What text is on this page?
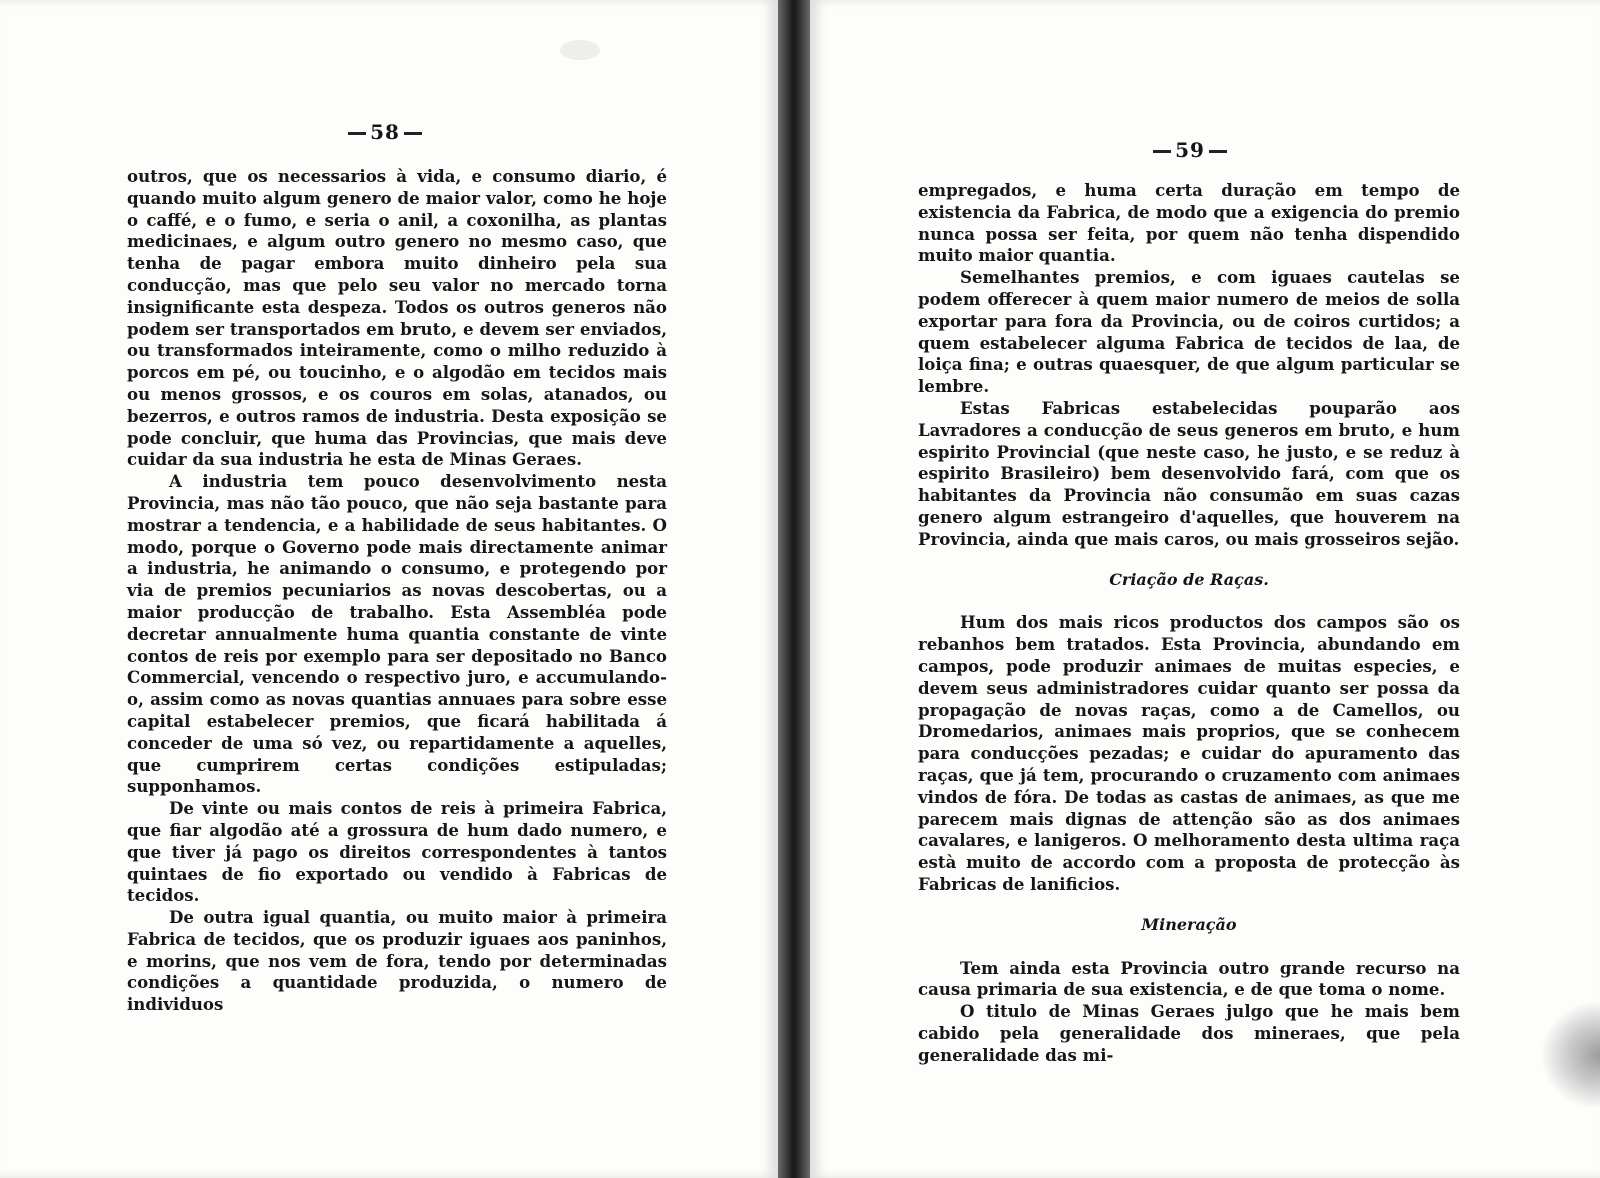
58

outros, que os necessarios à vida, e consumo diario, é quando muito algum genero de maior valor, como he hoje o caffé, e o fumo, e seria o anil, a coxonilha, as plantas medicinaes, e algum outro genero no mesmo caso, que tenha de pagar embora muito dinheiro pela sua conducção, mas que pelo seu valor no mercado torna insignificante esta despeza. Todos os outros generos não podem ser transportados em bruto, e devem ser enviados, ou transformados inteiramente, como o milho reduzido à porcos em pé, ou toucinho, e o algodão em tecidos mais ou menos grossos, e os couros em solas, atanados, ou bezerros, e outros ramos de industria. Desta exposição se pode concluir, que huma das Provincias, que mais deve cuidar da sua industria he esta de Minas Geraes.

A industria tem pouco desenvolvimento nesta Provincia, mas não tão pouco, que não seja bastante para mostrar a tendencia, e a habilidade de seus habitantes. O modo, porque o Governo pode mais directamente animar a industria, he animando o consumo, e protegendo por via de premios pecuniarios as novas descobertas, ou a maior producção de trabalho. Esta Assembléa pode decretar annualmente huma quantia constante de vinte contos de reis por exemplo para ser depositado no Banco Commercial, vencendo o respectivo juro, e accumulando-o, assim como as novas quantias annuaes para sobre esse capital estabelecer premios, que ficará habilitada á conceder de uma só vez, ou repartidamente a aquelles, que cumprirem certas condições estipuladas; supponhamos.

De vinte ou mais contos de reis à primeira Fabrica, que fiar algodão até a grossura de hum dado numero, e que tiver já pago os direitos correspondentes à tantos quintaes de fio exportado ou vendido à Fabricas de tecidos.

De outra igual quantia, ou muito maior à primeira Fabrica de tecidos, que os produzir iguaes aos paninhos, e morins, que nos vem de fora, tendo por determinadas condições a quantidade produzida, o numero de individuos

59

empregados, e huma certa duração em tempo de existencia da Fabrica, de modo que a exigencia do premio nunca possa ser feita, por quem não tenha dispendido muito maior quantia.

Semelhantes premios, e com iguaes cautelas se podem offerecer à quem maior numero de meios de solla exportar para fora da Provincia, ou de coiros curtidos; a quem estabelecer alguma Fabrica de tecidos de laa, de loiça fina; e outras quaesquer, de que algum particular se lembre.

Estas Fabricas estabelecidas pouparão aos Lavradores a conducção de seus generos em bruto, e hum espirito Provincial (que neste caso, he justo, e se reduz à espirito Brasileiro) bem desenvolvido fará, com que os habitantes da Provincia não consumão em suas cazas genero algum estrangeiro d'aquelles, que houverem na Provincia, ainda que mais caros, ou mais grosseiros sejão.

Criação de Raças.

Hum dos mais ricos productos dos campos são os rebanhos bem tratados. Esta Provincia, abundando em campos, pode produzir animaes de muitas especies, e devem seus administradores cuidar quanto ser possa da propagação de novas raças, como a de Camellos, ou Dromedarios, animaes mais proprios, que se conhecem para conducções pezadas; e cuidar do apuramento das raças, que já tem, procurando o cruzamento com animaes vindos de fóra. De todas as castas de animaes, as que me parecem mais dignas de attenção são as dos animaes cavalares, e lanigeros. O melhoramento desta ultima raça està muito de accordo com a proposta de protecção às Fabricas de lanificios.

Mineração

Tem ainda esta Provincia outro grande recurso na causa primaria de sua existencia, e de que toma o nome.

O titulo de Minas Geraes julgo que he mais bem cabido pela generalidade dos mineraes, que pela generalidade das mi-
